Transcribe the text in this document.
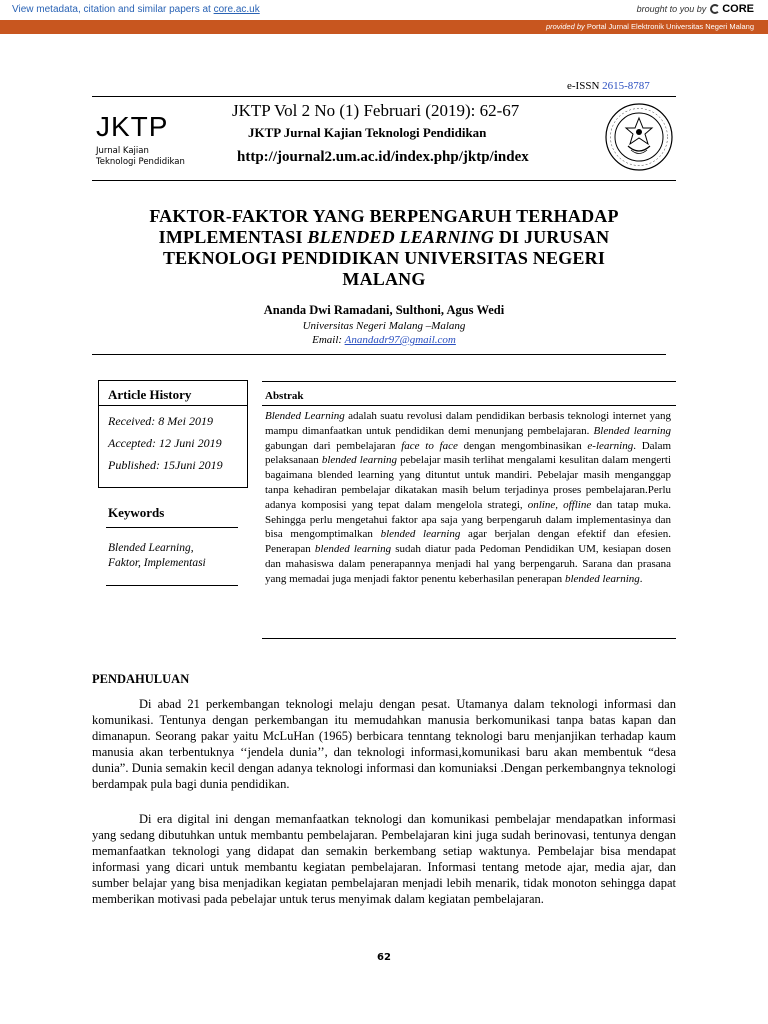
View metadata, citation and similar papers at core.ac.uk	brought to you by CORE
provided by Portal Jurnal Elektronik Universitas Negeri Malang
e-ISSN 2615-8787
JKTP
Jurnal Kajian
Teknologi Pendidikan
JKTP Vol 2 No (1) Februari (2019): 62-67
JKTP Jurnal Kajian Teknologi Pendidikan
http://journal2.um.ac.id/index.php/jktp/index
FAKTOR-FAKTOR YANG BERPENGARUH TERHADAP
IMPLEMENTASI BLENDED LEARNING DI JURUSAN
TEKNOLOGI PENDIDIKAN UNIVERSITAS NEGERI
MALANG
Ananda Dwi Ramadani, Sulthoni, Agus Wedi
Universitas Negeri Malang –Malang
Email: Anandadr97@gmail.com
Article History
Received: 8 Mei 2019
Accepted: 12 Juni 2019
Published: 15Juni 2019
Keywords
Blended Learning,
Faktor, Implementasi
Abstrak
Blended Learning adalah suatu revolusi dalam pendidikan berbasis teknologi internet yang mampu dimanfaatkan untuk pendidikan demi menunjang pembelajaran. Blended learning gabungan dari pembelajaran face to face dengan mengombinasikan e-learning. Dalam pelaksanaan blended learning pebelajar masih terlihat mengalami kesulitan dalam mengerti bagaimana blended learning yang dituntut untuk mandiri. Pebelajar masih menganggap tanpa kehadiran pembelajar dikatakan masih belum terjadinya proses pembelajaran.Perlu adanya komposisi yang tepat dalam mengelola strategi, online, offline dan tatap muka. Sehingga perlu mengetahui faktor apa saja yang berpengaruh dalam implementasinya dan bisa mengomptimalkan blended learning agar berjalan dengan efektif dan efesien. Penerapan blended learning sudah diatur pada Pedoman Pendidikan UM, kesiapan dosen dan mahasiswa dalam penerapannya menjadi hal yang berpengaruh. Sarana dan prasana yang memadai juga menjadi faktor penentu keberhasilan penerapan blended learning.
PENDAHULUAN
Di abad 21 perkembangan teknologi melaju dengan pesat. Utamanya dalam teknologi informasi dan komunikasi. Tentunya dengan perkembangan itu memudahkan manusia berkomunikasi tanpa batas kapan dan dimanapun. Seorang pakar yaitu McLuHan (1965) berbicara tenntang teknologi baru menjanjikan terhadap kaum manusia akan terbentuknya ‘‘jendela dunia’’, dan teknologi informasi,komunikasi baru akan membentuk “desa dunia”. Dunia semakin kecil dengan adanya teknologi informasi dan komuniaksi .Dengan perkembangnya teknologi berdampak pula bagi dunia pendidikan.
Di era digital ini dengan memanfaatkan teknologi dan komunikasi pembelajar mendapatkan informasi yang sedang dibutuhkan untuk membantu pembelajaran. Pembelajaran kini juga sudah berinovasi, tentunya dengan memanfaatkan teknologi yang didapat dan semakin berkembang setiap waktunya. Pembelajar bisa mendapat informasi yang dicari untuk membantu kegiatan pembelajaran. Informasi tentang metode ajar, media ajar, dan sumber belajar yang bisa menjadikan kegiatan pembelajaran menjadi lebih menarik, tidak monoton sehingga dapat memberikan motivasi pada pebelajar untuk terus menyimak dalam kegiatan pembelajaran.
62
